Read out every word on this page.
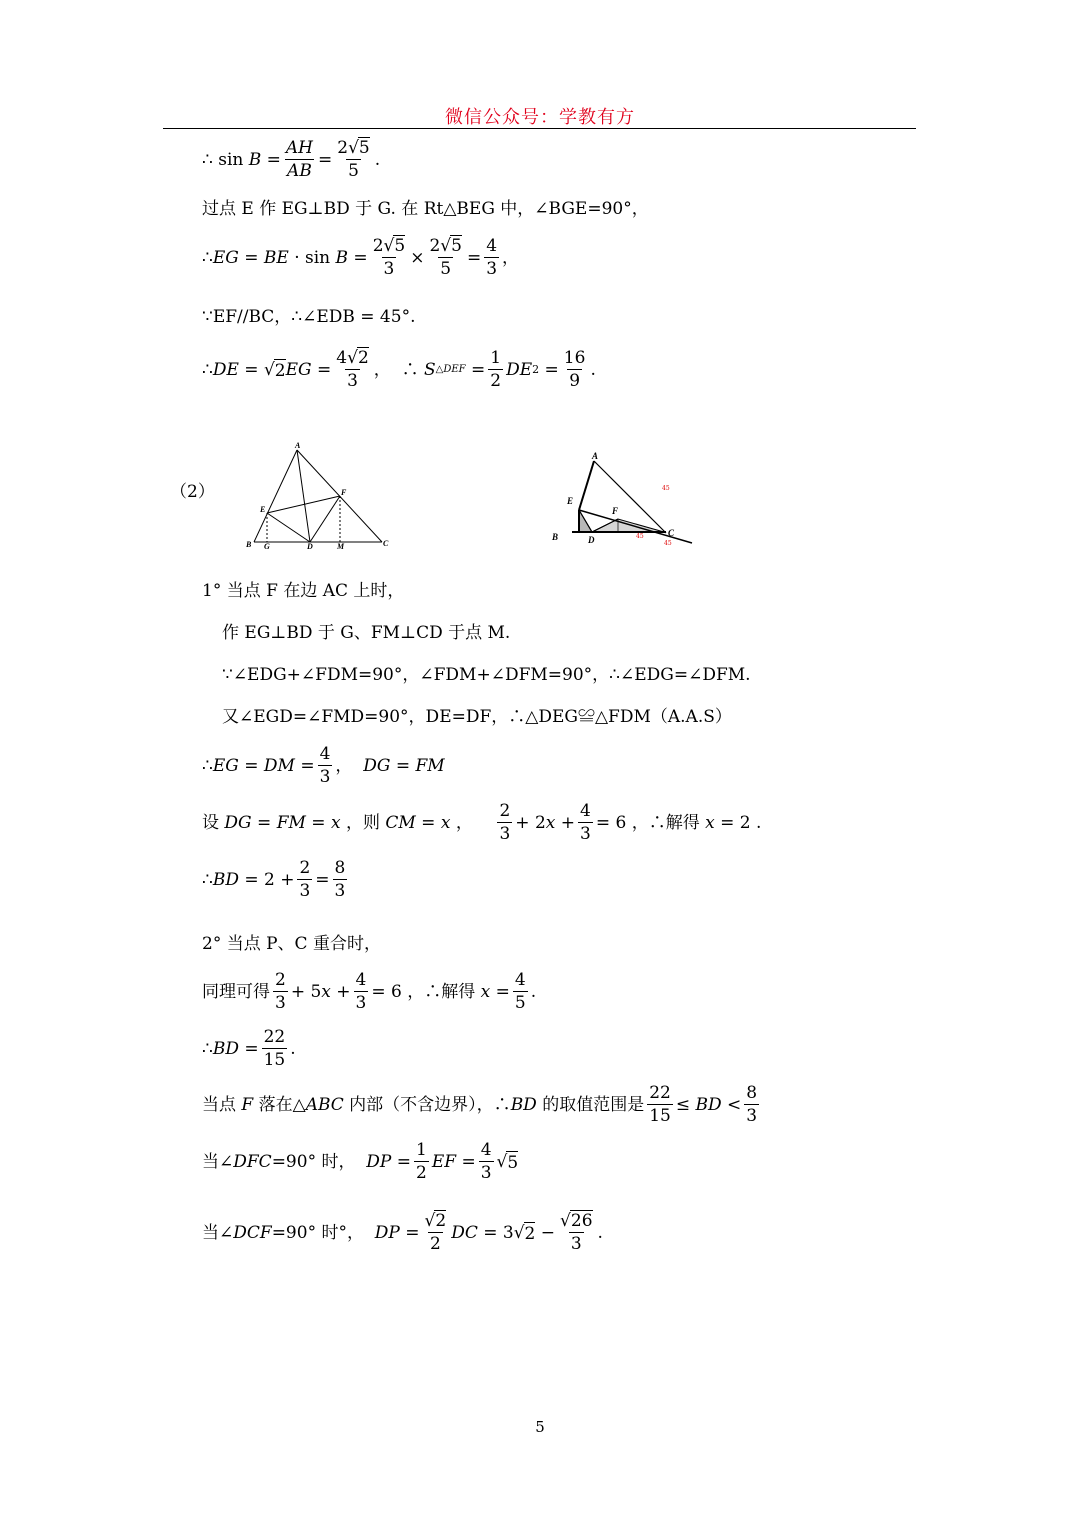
微信公众号：学教有方
∴ sin B =
AH
AB
=
2√5
5
.
过点 E 作 EG⊥BD 于 G. 在 Rt△BEG 中，∠BGE=90°，
∴ EG = BE · sin B =
2√5
3
×
2√5
5
=
4
3
，
∵EF//BC，∴∠EDB = 45°.
∴ DE = √ 2 EG =
4√2
3
，  ∴ S △DEF =
1
2
DE 2 =
16
9
.
（2）
A
E
F
B G	D	M	C
A
E
F
B	D
C
45
45
45
1° 当点 F 在边 AC 上时，
作 EG⊥BD 于 G、FM⊥CD 于点 M.
∵∠EDG+∠FDM=90°，∠FDM+∠DFM=90°，∴∠EDG=∠DFM.
又∠EGD=∠FMD=90°，DE=DF，∴△DEG≌△FDM（A.A.S）
∴ EG = DM =
4
3
， DG = FM
设 DG = FM = x ，则 CM = x ，
2
3
+ 2 x +
4
3
= 6 ，∴解得 x = 2 .
∴ BD = 2 +
2
3
=
8
3
2° 当点 P、C 重合时，
同理可得
2
3
+ 5 x +
4
3
= 6 ，∴解得 x =
4
5
.
∴ BD =
22
15
.
当点 F 落在△ ABC 内部（不含边界），∴ BD 的取值范围是
22
15
≤ BD <
8
3
当∠ DFC =90° 时， DP =
1
2
EF =
4
3
√ 5
当∠ DCF =90° 时°， DP =
√2
2
DC = 3 √ 2 −
√26
3
.
5
